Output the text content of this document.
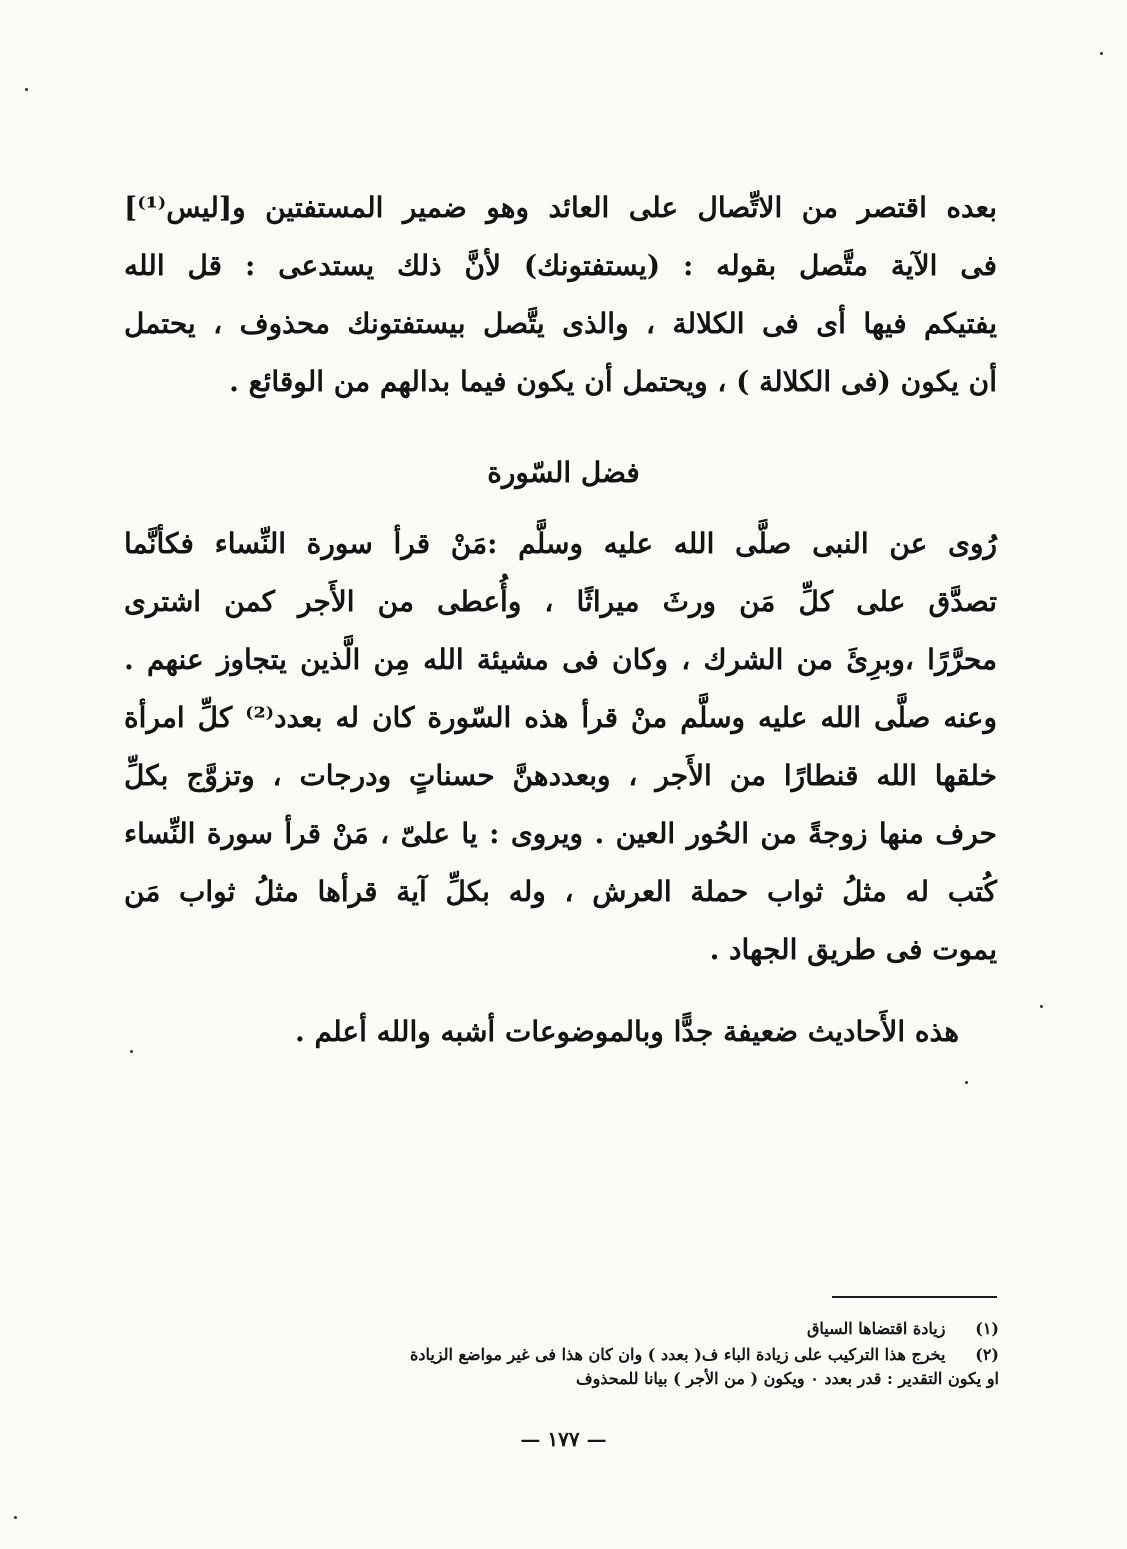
بعده اقتصر من الاتِّصال على العائد وهو ضمير المستفتين و[ليس⁽¹⁾]
فى الآية متَّصل بقوله : (يستفتونك) لأنَّ ذلك يستدعى : قل الله
يفتيكم فيها أى فى الكلالة ، والذى يتَّصل بيستفتونك محذوف ، يحتمل
أن يكون (فى الكلالة ) ، ويحتمل أن يكون فيما بدالهم من الوقائع .
فضل السّورة
رُوى عن النبى صلَّى الله عليه وسلَّم :مَنْ قرأ سورة النِّساء فكأنَّما
تصدَّق على كلِّ مَن ورثَ ميراثًا ، وأُعطى من الأَجر كمن اشترى
محرَّرًا ،وبرِئَ من الشرك ، وكان فى مشيئة الله مِن الَّذين يتجاوز عنهم .
وعنه صلَّى الله عليه وسلَّم منْ قرأ هذه السّورة كان له بعدد⁽²⁾ كلِّ امرأة
خلقها الله قنطارًا من الأَجر ، وبعددهنَّ حسناتٍ ودرجات ، وتزوَّج بكلِّ
حرف منها زوجةً من الحُور العين . ويروى : يا علىّ ، مَنْ قرأ سورة النِّساء
كُتب له مثلُ ثواب حملة العرش ، وله بكلِّ آية قرأها مثلُ ثواب مَن
يموت فى طريق الجهاد .
هذه الأَحاديث ضعيفة جدًّا وبالموضوعات أشبه والله أعلم .
(١) زيادة اقتضاها السياق
(٢) يخرج هذا التركيب على زيادة الباء ف( بعدد ) وان كان هذا فى غير مواضع الزيادة
او يكون التقدير : قدر بعدد ٠ ويكون ( من الأجر ) بيانا للمحذوف
— ١٧٧ —
